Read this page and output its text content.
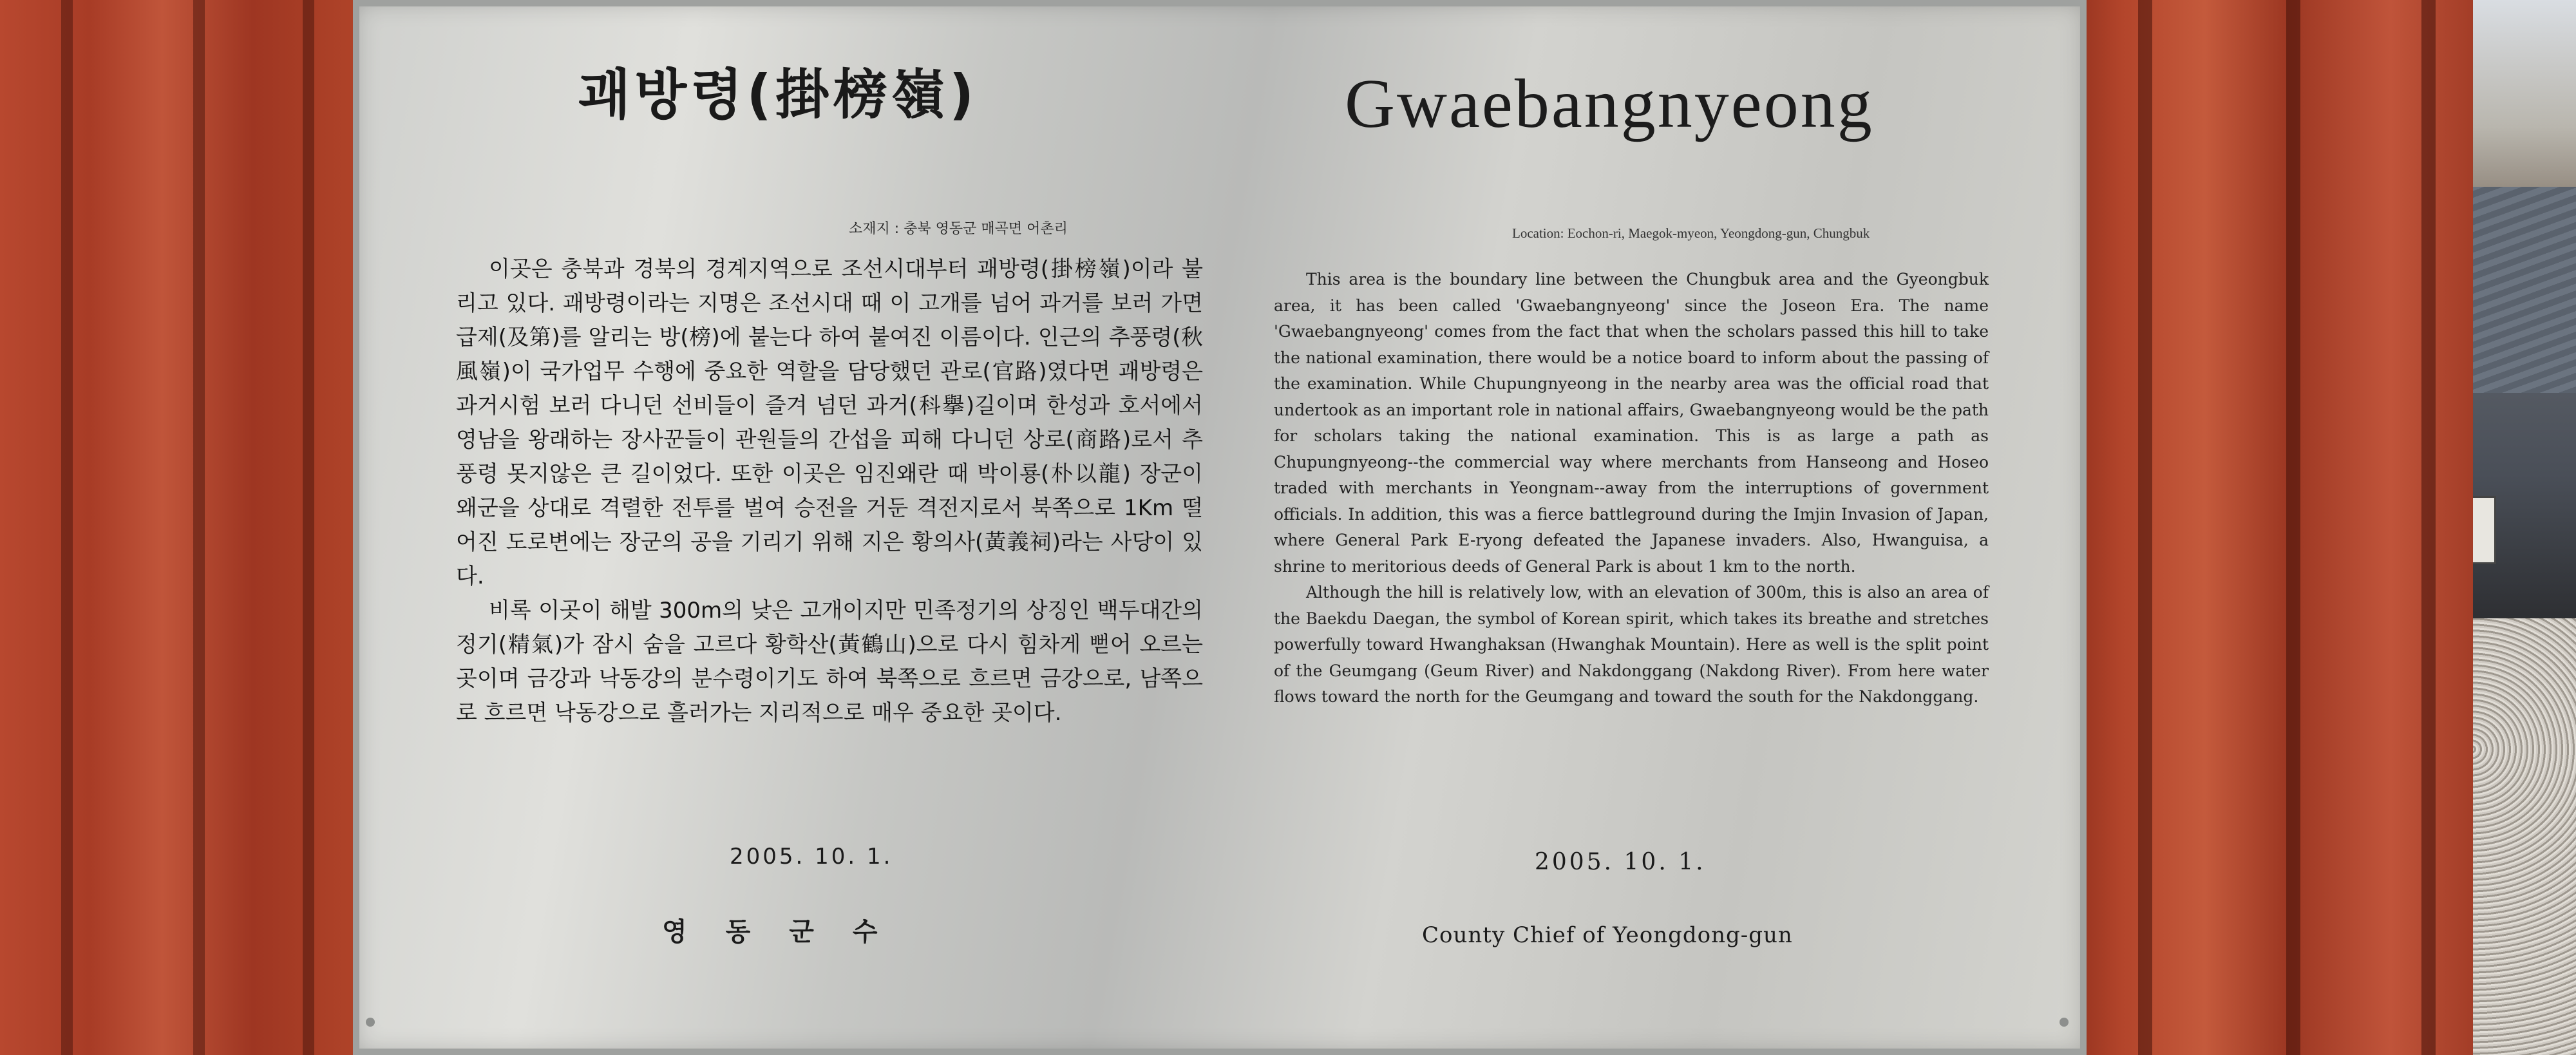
괘방령(掛榜嶺)	Gwaebangnyeong
소재지 : 충북 영동군 매곡면 어촌리	Location: Eochon-ri, Maegok-myeon, Yeongdong-gun, Chungbuk

이곳은 충북과 경북의 경계지역으로 조선시대부터 괘방령(掛榜嶺)이라 불리고 있다. 괘방령이라는 지명은 조선시대 때 이 고개를 넘어 과거를 보러 가면 급제(及第)를 알리는 방(榜)에 붙는다 하여 붙여진 이름이다. 인근의 추풍령(秋風嶺)이 국가업무 수행에 중요한 역할을 담당했던 관로(官路)였다면 괘방령은 과거시험 보러 다니던 선비들이 즐겨 넘던 과거(科擧)길이며 한성과 호서에서 영남을 왕래하는 장사꾼들이 관원들의 간섭을 피해 다니던 상로(商路)로서 추풍령 못지않은 큰 길이었다. 또한 이곳은 임진왜란 때 박이룡(朴以龍) 장군이 왜군을 상대로 격렬한 전투를 벌여 승전을 거둔 격전지로서 북쪽으로 1Km 떨어진 도로변에는 장군의 공을 기리기 위해 지은 황의사(黃義祠)라는 사당이 있다.

비록 이곳이 해발 300m의 낮은 고개이지만 민족정기의 상징인 백두대간의 정기(精氣)가 잠시 숨을 고르다 황학산(黃鶴山)으로 다시 힘차게 뻗어 오르는 곳이며 금강과 낙동강의 분수령이기도 하여 북쪽으로 흐르면 금강으로, 남쪽으로 흐르면 낙동강으로 흘러가는 지리적으로 매우 중요한 곳이다.

This area is the boundary line between the Chungbuk area and the Gyeongbuk area, it has been called 'Gwaebangnyeong' since the Joseon Era. The name 'Gwaebangnyeong' comes from the fact that when the scholars passed this hill to take the national examination, there would be a notice board to inform about the passing of the examination. While Chupungnyeong in the nearby area was the official road that undertook as an important role in national affairs, Gwaebangnyeong would be the path for scholars taking the national examination. This is as large a path as Chupungnyeong--the commercial way where merchants from Hanseong and Hoseo traded with merchants in Yeongnam--away from the interruptions of government officials. In addition, this was a fierce battleground during the Imjin Invasion of Japan, where General Park E-ryong defeated the Japanese invaders. Also, Hwanguisa, a shrine to meritorious deeds of General Park is about 1 km to the north.

Although the hill is relatively low, with an elevation of 300m, this is also an area of the Baekdu Daegan, the symbol of Korean spirit, which takes its breathe and stretches powerfully toward Hwanghaksan (Hwanghak Mountain). Here as well is the split point of the Geumgang (Geum River) and Nakdonggang (Nakdong River). From here water flows toward the north for the Geumgang and toward the south for the Nakdonggang.

2005. 10. 1.	2005. 10. 1.
영동군수	County Chief of Yeongdong-gun
